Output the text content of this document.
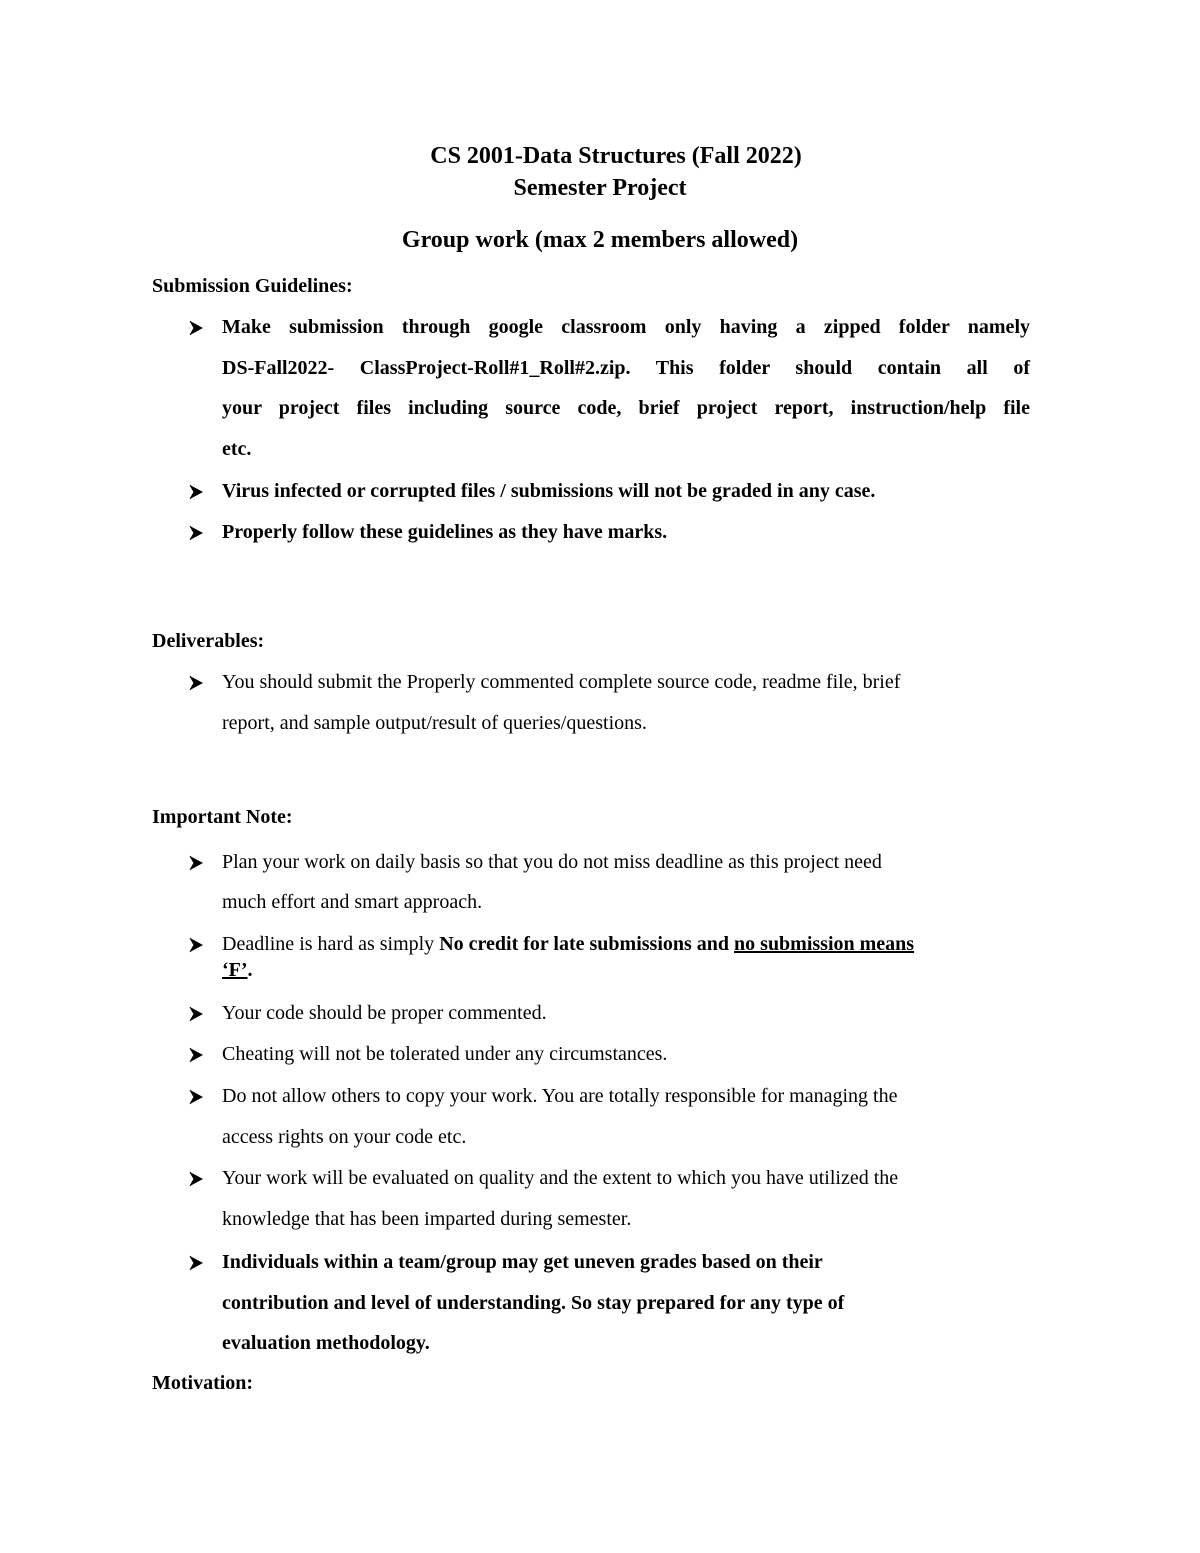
CS 2001-Data Structures (Fall 2022)
Semester Project
Group work (max 2 members allowed)
Submission Guidelines:
Make submission through google classroom only having a zipped folder namely
DS-Fall2022- ClassProject-Roll#1_Roll#2.zip. This folder should contain all of
your project files including source code, brief project report, instruction/help file
etc.
Virus infected or corrupted files / submissions will not be graded in any case.
Properly follow these guidelines as they have marks.
Deliverables:
You should submit the Properly commented complete source code, readme file, brief
report, and sample output/result of queries/questions.
Important Note:
Plan your work on daily basis so that you do not miss deadline as this project need
much effort and smart approach.
Deadline is hard as simply No credit for late submissions and no submission means
‘F’.
Your code should be proper commented.
Cheating will not be tolerated under any circumstances.
Do not allow others to copy your work. You are totally responsible for managing the
access rights on your code etc.
Your work will be evaluated on quality and the extent to which you have utilized the
knowledge that has been imparted during semester.
Individuals within a team/group may get uneven grades based on their
contribution and level of understanding. So stay prepared for any type of
evaluation methodology.
Motivation:
